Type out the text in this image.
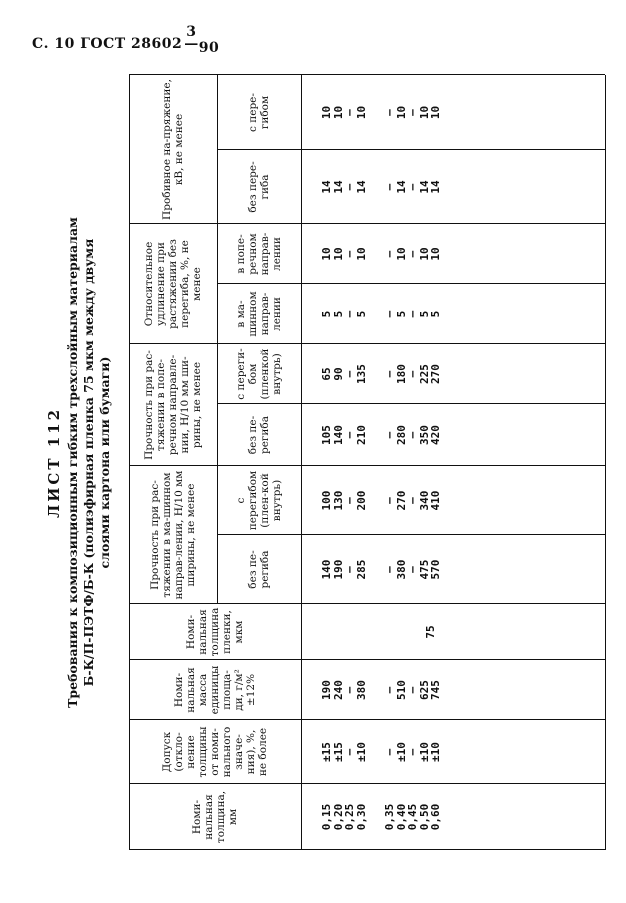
С. 10 ГОСТ 28602
3
—90
ЛИСТ 112 Требования к композиционным гибким трехслойным материалам Б-К/П-ПЭТФ/Б-К (полиэфирная пленка 75 мкм между двумя слоями картона или бумаги)
Номи-нальная толщина, мм
Допуск (откло-нение толщины от номи-нального значе-ния), %, не более
Номи-нальная масса единицы площа-ди, г/м² ±12%
Номи-нальная толщина пленки, мкм
Прочность при рас-тяжении в ма-шинном направ-лении, Н/10 мм ширины, не менее
Прочность при рас-тяжении в попе-речном направле-нии, Н/10 мм ши-рины, не менее
Относительное удлинение при растяжении без перегиба, %, не менее
Пробивное на-пряжение, кВ, не менее
без пе-региба
с перегибом (плен-кой внутрь)
без пе-региба
с переги-бом (пленкой внутрь)
в ма-шинном направ-лении
в попе-речном направ-лении
без пере-гиба
с пере-гибом
75
0,15
0,20
0,25
0,30 0,35
0,40
0,45
0,50
0,60
±15
±15
—
±10 —
±10
—
±10
±10
190
240
—
380 —
510
—
625
745
140
190
—
285 —
380
—
475
570
100
130
—
200 —
270
—
340
410
105
140
—
210 —
280
—
350
420
65
90
—
135 —
180
—
225
270
5
5
—
5 —
5
—
5
5
10
10
—
10 —
10
—
10
10
14
14
—
14 —
14
—
14
14
10
10
—
10 —
10
—
10
10
